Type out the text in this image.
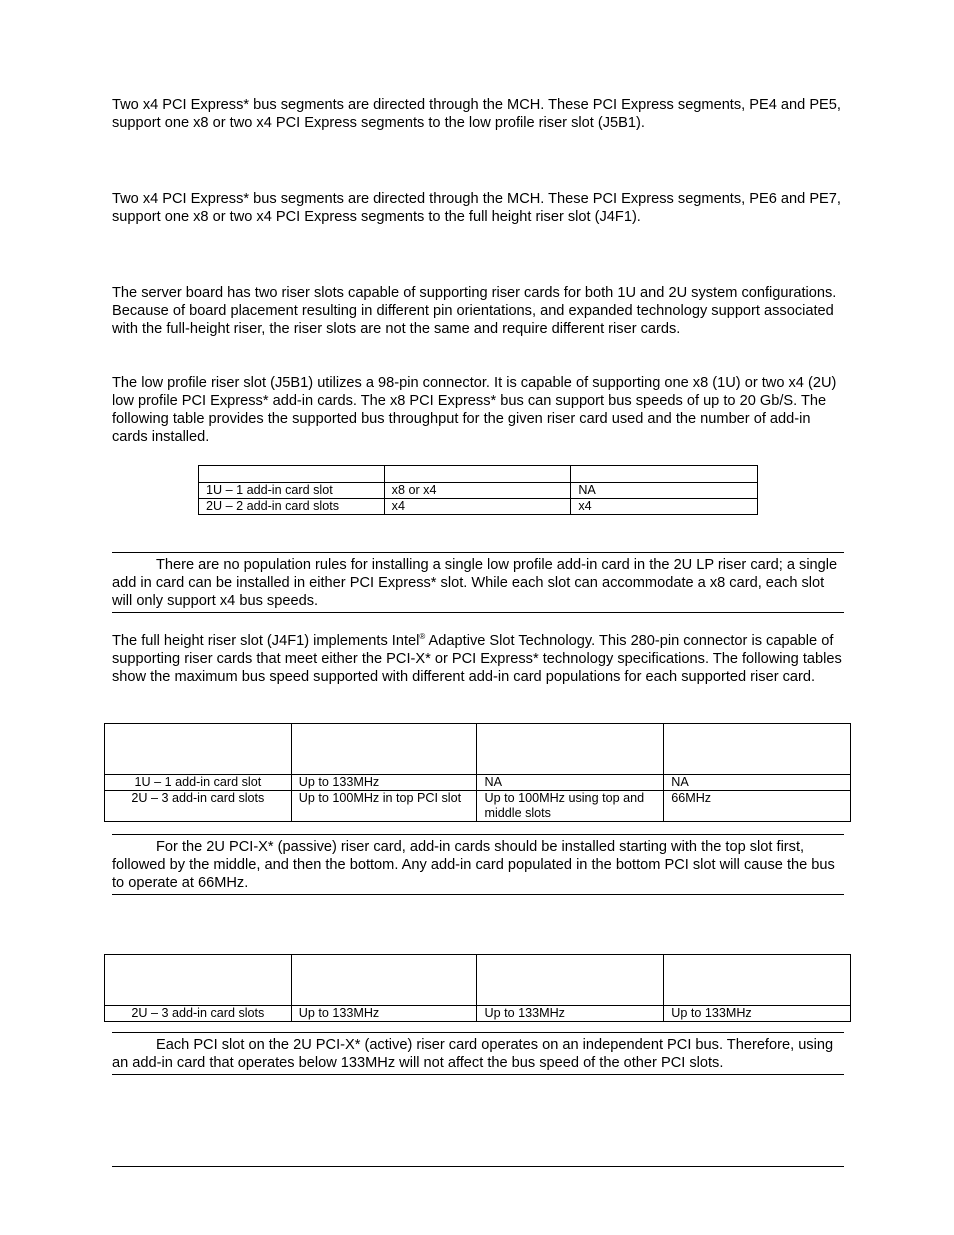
Two x4 PCI Express* bus segments are directed through the MCH. These PCI Express segments, PE4 and PE5, support one x8 or two x4 PCI Express segments to the low profile riser slot (J5B1).

Two x4 PCI Express* bus segments are directed through the MCH. These PCI Express segments, PE6 and PE7, support one x8 or two x4 PCI Express segments to the full height riser slot (J4F1).

The server board has two riser slots capable of supporting riser cards for both 1U and 2U system configurations. Because of board placement resulting in different pin orientations, and expanded technology support associated with the full-height riser, the riser slots are not the same and require different riser cards.

The low profile riser slot (J5B1) utilizes a 98-pin connector. It is capable of supporting one x8 (1U) or two x4 (2U) low profile PCI Express* add-in cards. The x8 PCI Express* bus can support bus speeds of up to 20 Gb/S. The following table provides the supported bus throughput for the given riser card used and the number of add-in cards installed.

1U – 1 add-in card slot	x8 or x4	NA
2U – 2 add-in card slots	x4	x4

There are no population rules for installing a single low profile add-in card in the 2U LP riser card; a single add in card can be installed in either PCI Express* slot. While each slot can accommodate a x8 card, each slot will only support x4 bus speeds.

The full height riser slot (J4F1) implements Intel® Adaptive Slot Technology. This 280-pin connector is capable of supporting riser cards that meet either the PCI-X* or PCI Express* technology specifications. The following tables show the maximum bus speed supported with different add-in card populations for each supported riser card.

1U – 1 add-in card slot	Up to 133MHz	NA	NA
2U – 3 add-in card slots	Up to 100MHz in top PCI slot	Up to 100MHz using top and middle slots	66MHz

For the 2U PCI-X* (passive) riser card, add-in cards should be installed starting with the top slot first, followed by the middle, and then the bottom. Any add-in card populated in the bottom PCI slot will cause the bus to operate at 66MHz.

2U – 3 add-in card slots	Up to 133MHz	Up to 133MHz	Up to 133MHz

Each PCI slot on the 2U PCI-X* (active) riser card operates on an independent PCI bus. Therefore, using an add-in card that operates below 133MHz will not affect the bus speed of the other PCI slots.
